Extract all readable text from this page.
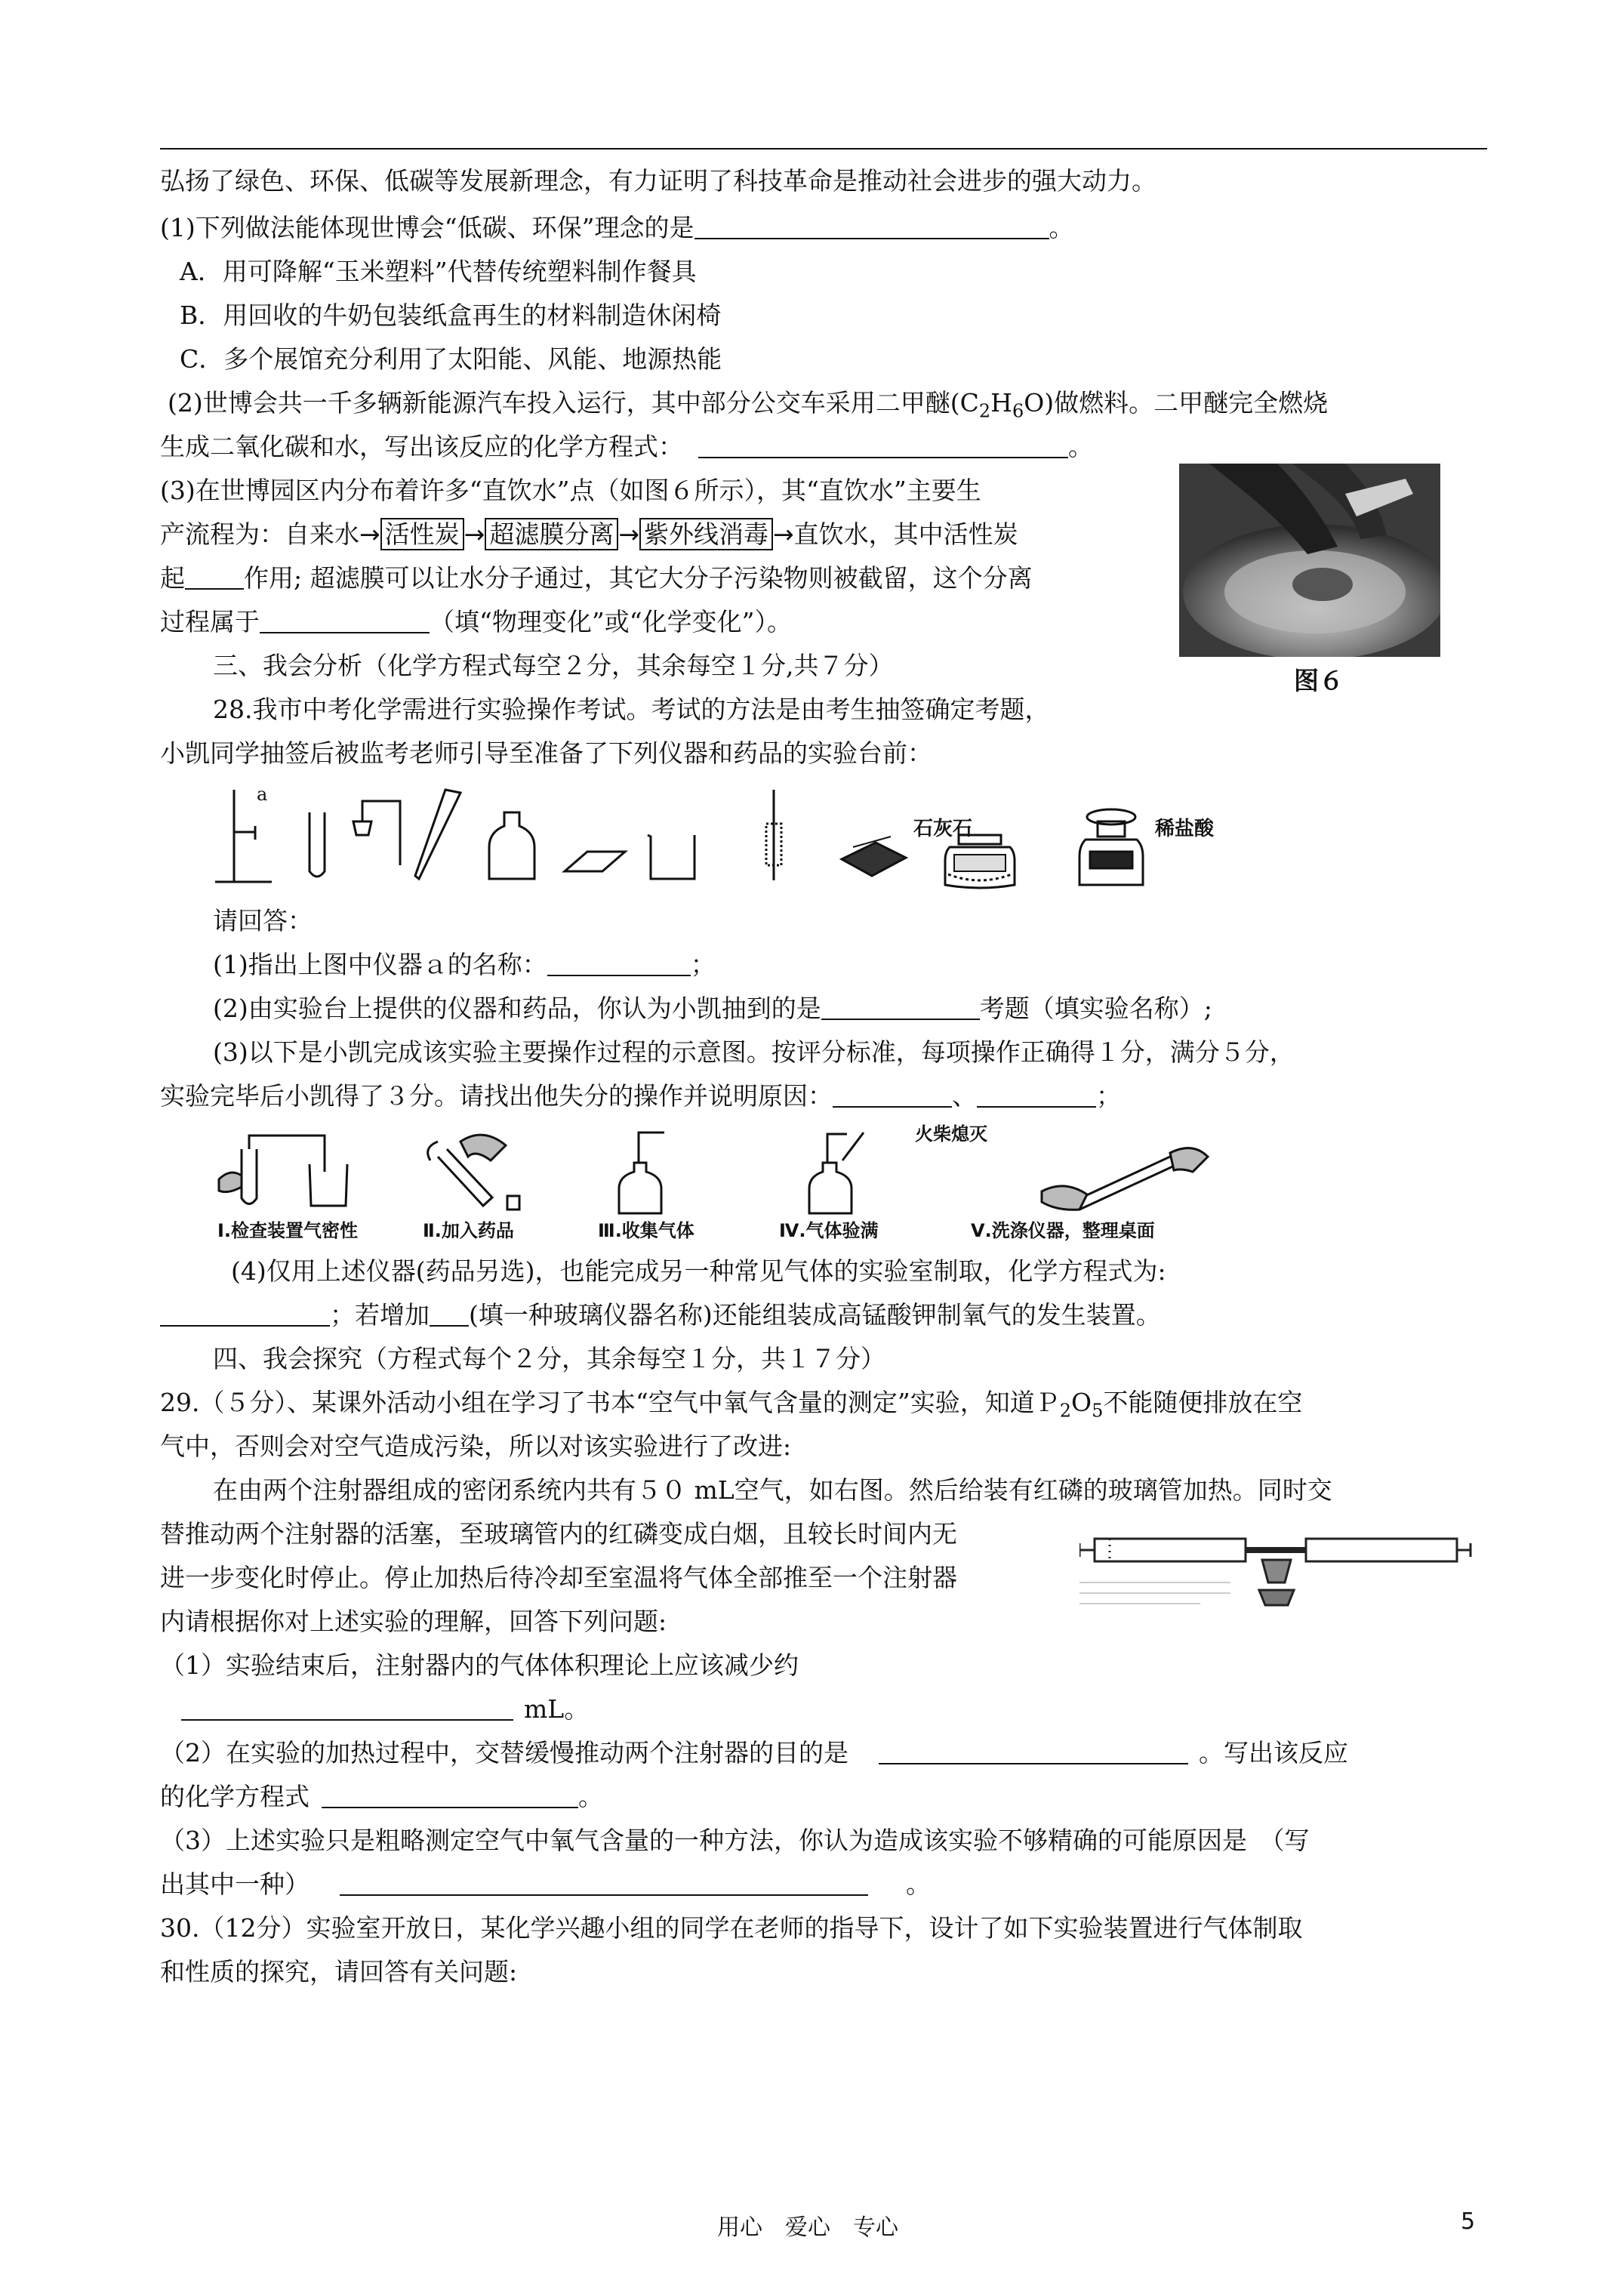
弘扬了绿色、环保、低碳等发展新理念，有力证明了科技革命是推动社会进步的强大动力。
(1)下列做法能体现世博会“低碳、环保”理念的是	。
A．用可降解“玉米塑料”代替传统塑料制作餐具
B．用回收的牛奶包装纸盒再生的材料制造休闲椅
C．多个展馆充分利用了太阳能、风能、地源热能
(2)世博会共一千多辆新能源汽车投入运行，其中部分公交车采用二甲醚$(C_2H_6O)$做燃料。二甲醚完全燃烧
生成二氧化碳和水，写出该反应的化学方程式：	。
(3)在世博园区内分布着许多“直饮水”点（如图６所示），其“直饮水”主要生
产流程为：自来水→ 活性炭 → 超滤膜分离 → 紫外线消毒 →直饮水，其中活性炭
起 作用; 超滤膜可以让水分子通过，其它大分子污染物则被截留，这个分离
过程属于	（填“物理变化”或“化学变化”）。
图６
三、我会分析（化学方程式每空２分，其余每空１分,共７分）
28.我市中考化学需进行实验操作考试。考试的方法是由考生抽签确定考题，
小凯同学抽签后被监考老师引导至准备了下列仪器和药品的实验台前：
a
石灰石	稀盐酸
请回答：
(1)指出上图中仪器ａ的名称：	；
(2)由实验台上提供的仪器和药品，你认为小凯抽到的是	考题（填实验名称）;
(3)以下是小凯完成该实验主要操作过程的示意图。按评分标准，每项操作正确得１分，满分５分，
实验完毕后小凯得了３分。请找出他失分的操作并说明原因：	、	；
火柴熄灭
Ⅰ.检查装置气密性	Ⅱ.加入药品	Ⅲ.收集气体	Ⅳ.气体验满	Ⅴ.洗涤仪器，整理桌面
(4)仅用上述仪器(药品另选)，也能完成另一种常见气体的实验室制取，化学方程式为:
；若增加 (填一种玻璃仪器名称)还能组装成高锰酸钾制氧气的发生装置。
四、我会探究（方程式每个２分，其余每空１分，共１７分）
29.（５分）、某课外活动小组在学习了书本“空气中氧气含量的测定”实验，知道$P_2O_5$不能随便排放在空
气中，否则会对空气造成污染，所以对该实验进行了改进:
在由两个注射器组成的密闭系统内共有５０ mL空气，如右图。然后给装有红磷的玻璃管加热。同时交
替推动两个注射器的活塞，至玻璃管内的红磷变成白烟，且较长时间内无
进一步变化时停止。停止加热后待冷却至室温将气体全部推至一个注射器
内请根据你对上述实验的理解，回答下列问题:
（1）实验结束后，注射器内的气体体积理论上应该减少约
mL。
（2）在实验的加热过程中，交替缓慢推动两个注射器的目的是	。写出该反应
的化学方程式	。
（3）上述实验只是粗略测定空气中氧气含量的一种方法，你认为造成该实验不够精确的可能原因是　（写
出其中一种）	。
30.（12分）实验室开放日，某化学兴趣小组的同学在老师的指导下，设计了如下实验装置进行气体制取
和性质的探究，请回答有关问题:
用心　爱心　专心	5
